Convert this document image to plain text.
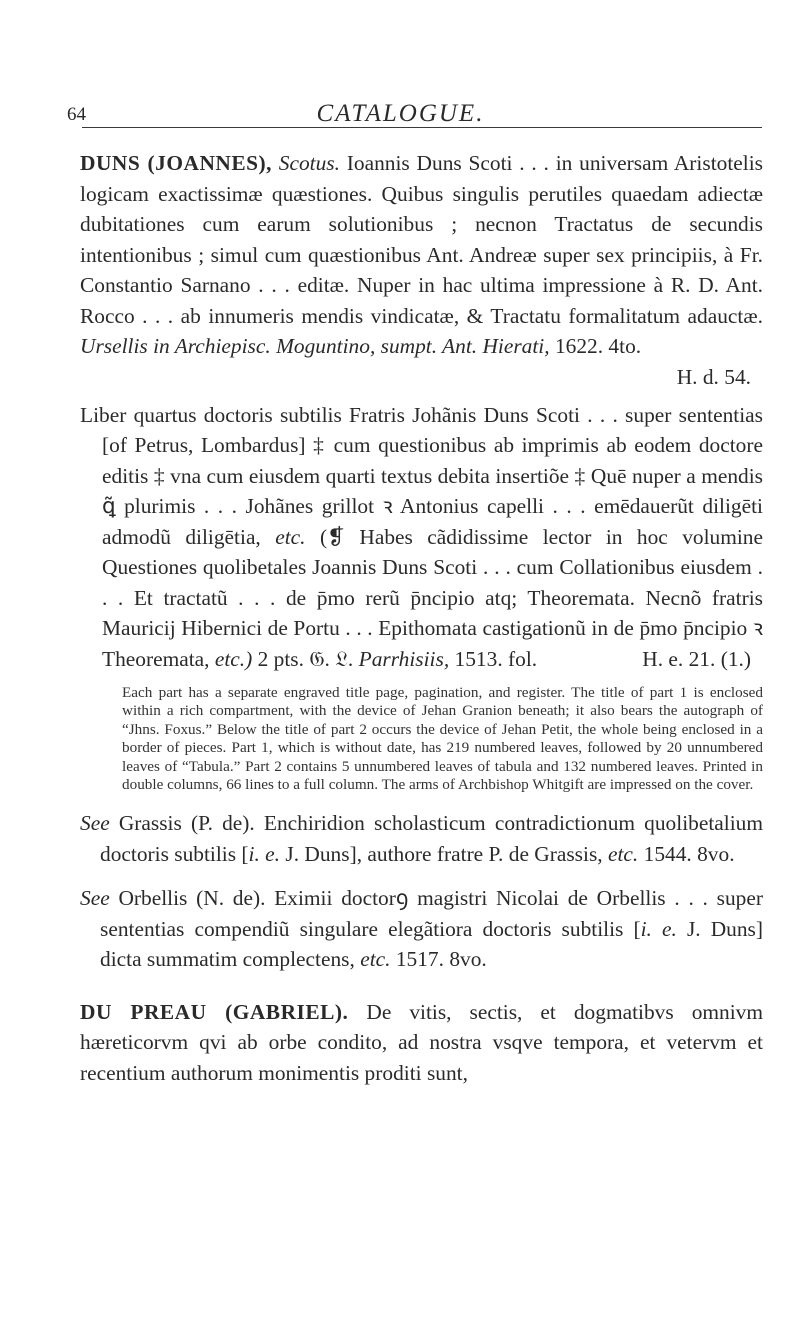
64	CATALOGUE.

DUNS (JOANNES), Scotus. Ioannis Duns Scoti . . . in universam Aristotelis logicam exactissimæ quæstiones. Quibus singulis perutiles quaedam adiectæ dubitationes cum earum solutionibus ; necnon Tractatus de secundis intentionibus ; simul cum quæstionibus Ant. Andreæ super sex principiis, à Fr. Constantio Sarnano . . . editæ. Nuper in hac ultima impressione à R. D. Ant. Rocco . . . ab innumeris mendis vindicatæ, & Tractatu formalitatum adauctæ. Ursellis in Archiepisc. Moguntino, sumpt. Ant. Hierati, 1622. 4to.
H. d. 54.

Liber quartus doctoris subtilis Fratris Johãnis Duns Scoti . . . super sententias [of Petrus, Lombardus] ‡ cum questionibus ab imprimis ab eodem doctore editis ‡ vna cum eiusdem quarti textus debita insertiõe ‡ Quē nuper a mendis ꝗ̃ plurimis . . . Johãnes grillot ꝛ Antonius capelli . . . emēdauerũt diligēti admodũ diligētia, etc. (❡ Habes cãdidissime lector in hoc volumine Questiones quolibetales Joannis Duns Scoti . . . cum Collationibus eiusdem . . . Et tractatũ . . . de p̄mo rerũ p̄ncipio atq; Theoremata. Necnõ fratris Mauricij Hibernici de Portu . . . Epithomata castigationũ in de p̄mo p̄ncipio ꝛ Theoremata, etc.) 2 pts. 𝔊. 𝔏. Parrhisiis, 1513. fol.	H. e. 21. (1.)

Each part has a separate engraved title page, pagination, and register. The title of part 1 is enclosed within a rich compartment, with the device of Jehan Granion beneath; it also bears the autograph of “Jhns. Foxus.” Below the title of part 2 occurs the device of Jehan Petit, the whole being enclosed in a border of pieces. Part 1, which is without date, has 219 numbered leaves, followed by 20 unnumbered leaves of “Tabula.” Part 2 contains 5 unnumbered leaves of tabula and 132 numbered leaves. Printed in double columns, 66 lines to a full column. The arms of Archbishop Whitgift are impressed on the cover.

See Grassis (P. de). Enchiridion scholasticum contradictionum quolibetalium doctoris subtilis [i. e. J. Duns], authore fratre P. de Grassis, etc. 1544. 8vo.

See Orbellis (N. de). Eximii doctorꝯ magistri Nicolai de Orbellis . . . super sententias compendiũ singulare elegãtiora doctoris subtilis [i. e. J. Duns] dicta summatim complectens, etc. 1517. 8vo.

DU PREAU (GABRIEL). De vitis, sectis, et dogmatibvs omnivm hæreticorvm qvi ab orbe condito, ad nostra vsqve tempora, et vetervm et recentium authorum monimentis proditi sunt,
